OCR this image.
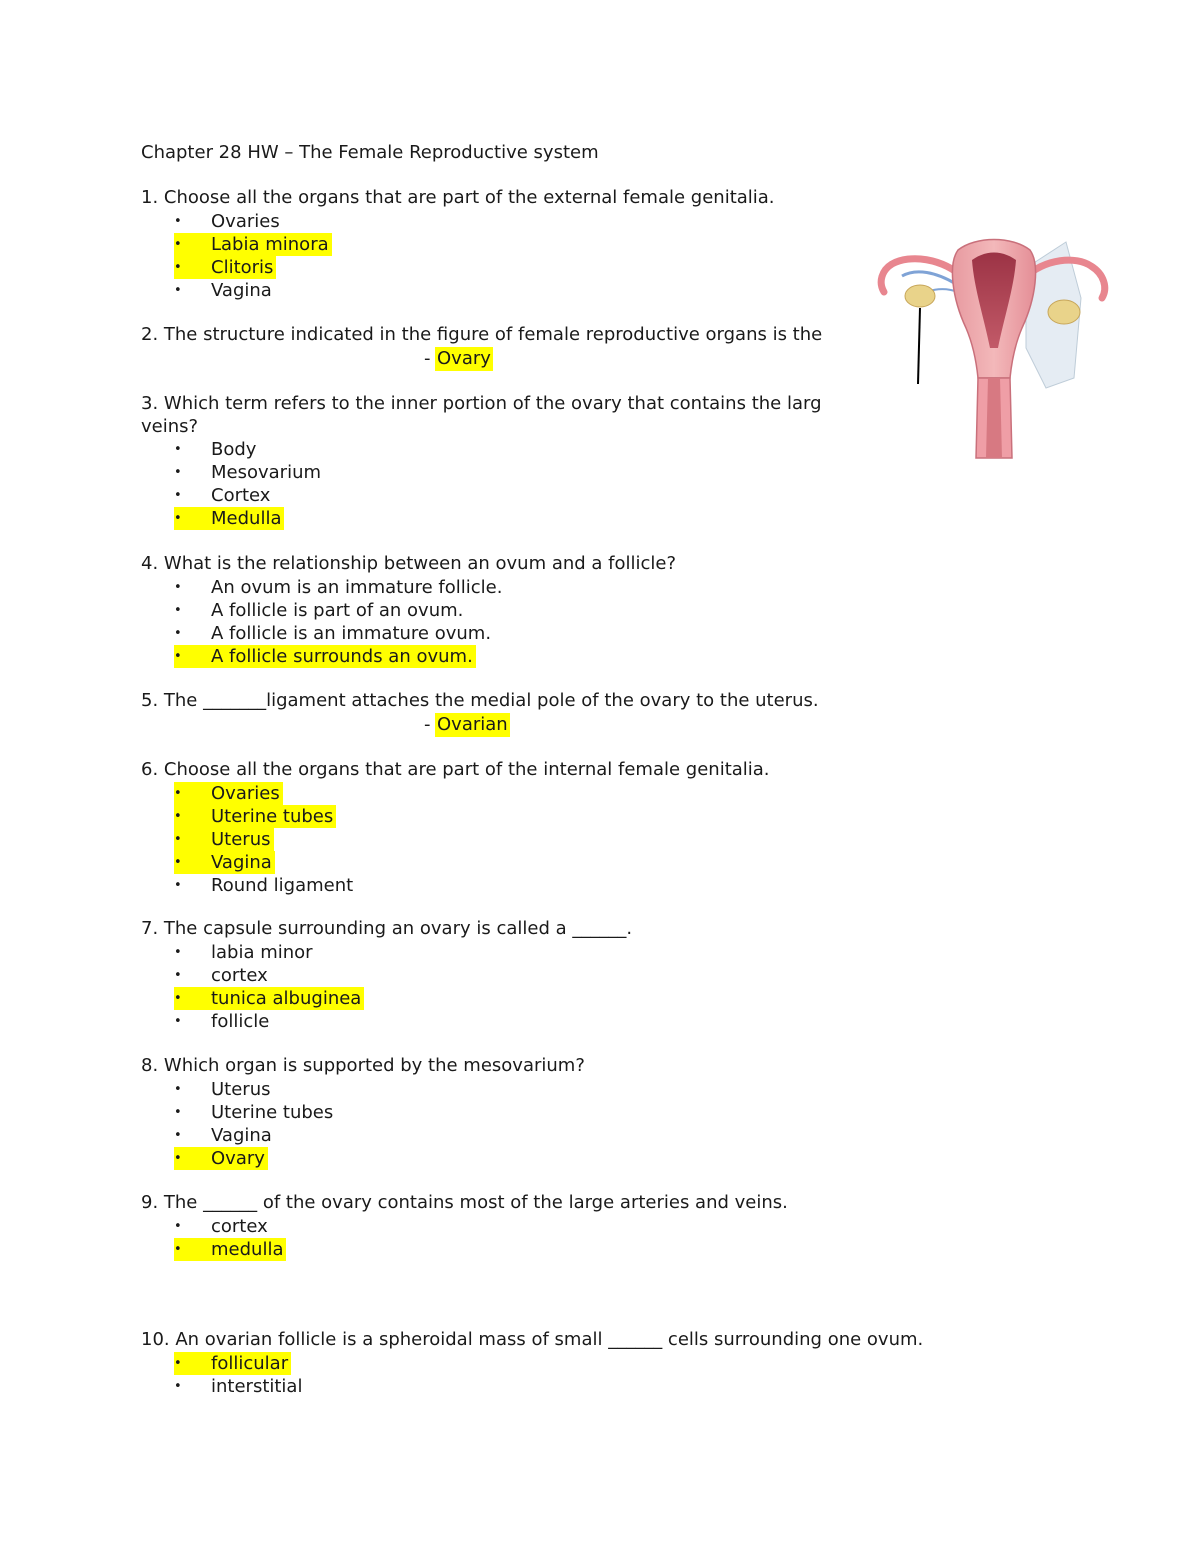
Chapter 28 HW – The Female Reproductive system
1. Choose all the organs that are part of the external female genitalia.
•	Ovaries
•	Labia minora
•	Clitoris
•	Vagina
2. The structure indicated in the figure of female reproductive organs is the
- Ovary
3. Which term refers to the inner portion of the ovary that contains the larg
veins?
•	Body
•	Mesovarium
•	Cortex
•	Medulla
4. What is the relationship between an ovum and a follicle?
•	An ovum is an immature follicle.
•	A follicle is part of an ovum.
•	A follicle is an immature ovum.
•	A follicle surrounds an ovum.
5. The _______ligament attaches the medial pole of the ovary to the uterus.
- Ovarian
6. Choose all the organs that are part of the internal female genitalia.
•	Ovaries
•	Uterine tubes
•	Uterus
•	Vagina
•	Round ligament
7. The capsule surrounding an ovary is called a ______.
•	labia minor
•	cortex
•	tunica albuginea
•	follicle
8. Which organ is supported by the mesovarium?
•	Uterus
•	Uterine tubes
•	Vagina
•	Ovary
9. The ______ of the ovary contains most of the large arteries and veins.
•	cortex
•	medulla
10. An ovarian follicle is a spheroidal mass of small ______ cells surrounding one ovum.
•	follicular
•	interstitial
